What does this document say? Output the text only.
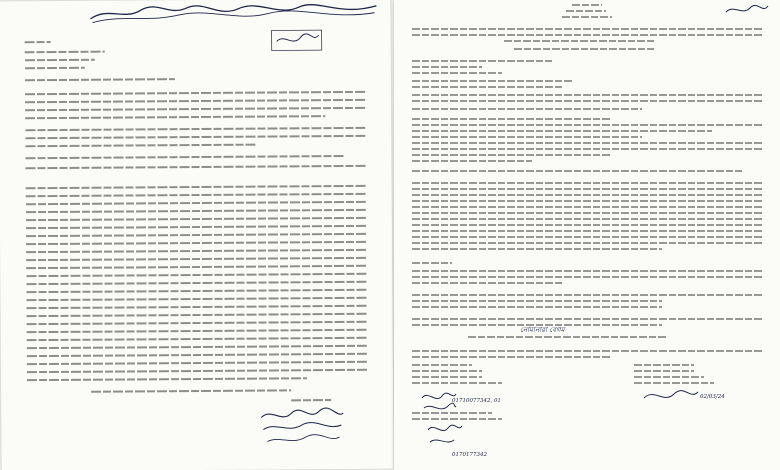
নোমানারা বেগম
01710077342, 01
02/03/24
0170177342
